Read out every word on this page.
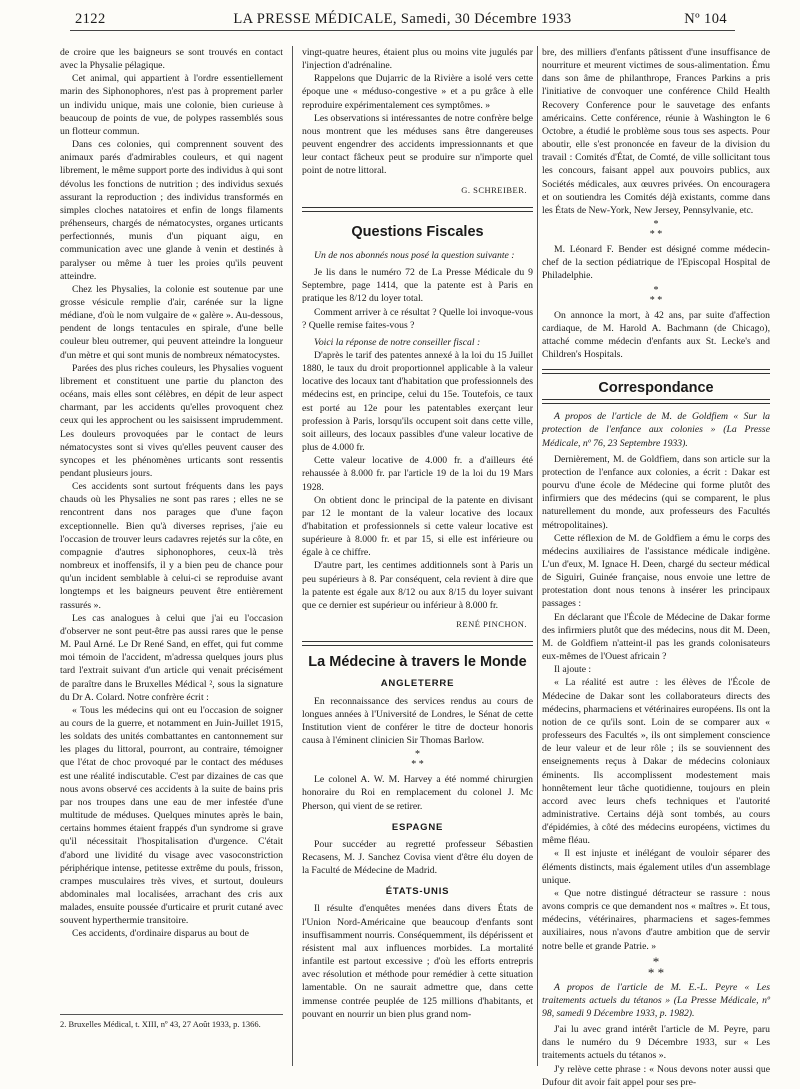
2122	LA PRESSE MÉDICALE, Samedi, 30 Décembre 1933	Nº 104

de croire que les baigneurs se sont trouvés en contact avec la Physalie pélagique.

Cet animal, qui appartient à l'ordre essentiellement marin des Siphonophores, n'est pas à proprement parler un individu unique, mais une colonie, bien curieuse à beaucoup de points de vue, de polypes rassemblés sous un flotteur commun.

Dans ces colonies, qui comprennent souvent des animaux parés d'admirables couleurs, et qui nagent librement, le même support porte des individus à qui sont dévolus les fonctions de nutrition ; des individus sexués assurant la reproduction ; des individus transformés en simples cloches natatoires et enfin de longs filaments préhenseurs, chargés de nématocystes, organes urticants perfectionnés, munis d'un piquant aigu, en communication avec une glande à venin et destinés à paralyser ou même à tuer les proies qu'ils peuvent atteindre.

Chez les Physalies, la colonie est soutenue par une grosse vésicule remplie d'air, carénée sur la ligne médiane, d'où le nom vulgaire de « galère ». Au-dessous, pendent de longs tentacules en spirale, d'une belle couleur bleu outremer, qui peuvent atteindre la longueur d'un mètre et qui sont munis de nombreux nématocystes.

Parées des plus riches couleurs, les Physalies voguent librement et constituent une partie du plancton des océans, mais elles sont célèbres, en dépit de leur aspect charmant, par les accidents qu'elles provoquent chez ceux qui les approchent ou les saisissent imprudemment. Les douleurs provoquées par le contact de leurs nématocystes sont si vives qu'elles peuvent causer des syncopes et les phénomènes urticants sont ressentis pendant plusieurs jours.

Ces accidents sont surtout fréquents dans les pays chauds où les Physalies ne sont pas rares ; elles ne se rencontrent dans nos parages que d'une façon exceptionnelle. Bien qu'à diverses reprises, j'aie eu l'occasion de trouver leurs cadavres rejetés sur la côte, en compagnie d'autres siphonophores, ceux-là très nombreux et inoffensifs, il y a bien peu de chance pour qu'un incident semblable à celui-ci se reproduise avant longtemps et les baigneurs peuvent être entièrement rassurés ».

Les cas analogues à celui que j'ai eu l'occasion d'observer ne sont peut-être pas aussi rares que le pense M. Paul Arné. Le Dr René Sand, en effet, qui fut comme moi témoin de l'accident, m'adressa quelques jours plus tard l'extrait suivant d'un article qui venait précisément de paraître dans le Bruxelles Médical ², sous la signature du Dr A. Colard. Notre confrère écrit :

« Tous les médecins qui ont eu l'occasion de soigner au cours de la guerre, et notamment en Juin-Juillet 1915, les soldats des unités combattantes en cantonnement sur les plages du littoral, pourront, au contraire, témoigner que l'état de choc provoqué par le contact des méduses est une réalité indiscutable. C'est par dizaines de cas que nous avons observé ces accidents à la suite de bains pris par nos troupes dans une eau de mer infestée d'une multitude de méduses. Quelques minutes après le bain, certains hommes étaient frappés d'un syndrome si grave qu'il nécessitait l'hospitalisation d'urgence. C'était d'abord une lividité du visage avec vasoconstriction périphérique intense, petitesse extrême du pouls, frisson, crampes musculaires très vives, et surtout, douleurs abdominales mal localisées, arrachant des cris aux malades, ensuite poussée d'urticaire et prurit cutané avec souvent hyperthermie transitoire.

Ces accidents, d'ordinaire disparus au bout de

2. Bruxelles Médical, t. XIII, nº 43, 27 Août 1933, p. 1366.

vingt-quatre heures, étaient plus ou moins vite jugulés par l'injection d'adrénaline.

Rappelons que Dujarric de la Rivière a isolé vers cette époque une « méduso-congestive » et a pu grâce à elle reproduire expérimentalement ces symptômes. »

Les observations si intéressantes de notre confrère belge nous montrent que les méduses sans être dangereuses peuvent engendrer des accidents impressionnants et que leur contact fâcheux peut se produire sur n'importe quel point de notre littoral.

G. SCHREIBER.
Questions Fiscales

Un de nos abonnés nous posé la question suivante :

Je lis dans le numéro 72 de La Presse Médicale du 9 Septembre, page 1414, que la patente est à Paris en pratique les 8/12 du loyer total.

Comment arriver à ce résultat ? Quelle loi invoque-vous ? Quelle remise faites-vous ?

Voici la réponse de notre conseiller fiscal :

D'après le tarif des patentes annexé à la loi du 15 Juillet 1880, le taux du droit proportionnel applicable à la valeur locative des locaux tant d'habitation que professionnels des médecins est, en principe, celui du 15e. Toutefois, ce taux est porté au 12e pour les patentables exerçant leur profession à Paris, lorsqu'ils occupent soit dans cette ville, soit ailleurs, des locaux passibles d'une valeur locative de plus de 4.000 fr.

Cette valeur locative de 4.000 fr. a d'ailleurs été rehaussée à 8.000 fr. par l'article 19 de la loi du 19 Mars 1928.

On obtient donc le principal de la patente en divisant par 12 le montant de la valeur locative des locaux d'habitation et professionnels si cette valeur locative est supérieure à 8.000 fr. et par 15, si elle est inférieure ou égale à ce chiffre.

D'autre part, les centimes additionnels sont à Paris un peu supérieurs à 8. Par conséquent, cela revient à dire que la patente est égale aux 8/12 ou aux 8/15 du loyer suivant que ce dernier est supérieur ou inférieur à 8.000 fr.

RENÉ PINCHON.
La Médecine à travers le Monde
ANGLETERRE

En reconnaissance des services rendus au cours de longues années à l'Université de Londres, le Sénat de cette Institution vient de conférer le titre de docteur honoris causa à l'éminent clinicien Sir Thomas Barlow.

*
* *

Le colonel A. W. M. Harvey a été nommé chirurgien honoraire du Roi en remplacement du colonel J. Mc Pherson, qui vient de se retirer.

ESPAGNE

Pour succéder au regretté professeur Sébastien Recasens, M. J. Sanchez Covisa vient d'être élu doyen de la Faculté de Médecine de Madrid.

ÉTATS-UNIS

Il résulte d'enquêtes menées dans divers États de l'Union Nord-Américaine que beaucoup d'enfants sont insuffisamment nourris. Conséquemment, ils dépérissent et résistent mal aux influences morbides. La mortalité infantile est partout excessive ; d'où les efforts entrepris avec résolution et méthode pour remédier à cette situation lamentable. On ne saurait admettre que, dans cette immense contrée peuplée de 125 millions d'habitants, et pouvant en nourrir un bien plus grand nom-

bre, des milliers d'enfants pâtissent d'une insuffisance de nourriture et meurent victimes de sous-alimentation. Ému dans son âme de philanthrope, Frances Parkins a pris l'initiative de convoquer une conférence Child Health Recovery Conference pour le sauvetage des enfants américains. Cette conférence, réunie à Washington le 6 Octobre, a étudié le problème sous tous ses aspects. Pour aboutir, elle s'est prononcée en faveur de la division du travail : Comités d'État, de Comté, de ville sollicitant tous les concours, faisant appel aux pouvoirs publics, aux Sociétés médicales, aux œuvres privées. On encouragera et on soutiendra les Comités déjà existants, comme dans les États de New-York, New Jersey, Pennsylvanie, etc.

*
* *

M. Léonard F. Bender est désigné comme médecin-chef de la section pédiatrique de l'Episcopal Hospital de Philadelphie.

*
* *

On annonce la mort, à 42 ans, par suite d'affection cardiaque, de M. Harold A. Bachmann (de Chicago), attaché comme médecin d'enfants aux St. Lecke's and Children's Hospitals.

Correspondance

A propos de l'article de M. de Goldfiem « Sur la protection de l'enfance aux colonies » (La Presse Médicale, nº 76, 23 Septembre 1933).

Dernièrement, M. de Goldfiem, dans son article sur la protection de l'enfance aux colonies, a écrit : Dakar est pourvu d'une école de Médecine qui forme plutôt des infirmiers que des médecins (qui se comparent, le plus naturellement du monde, aux professeurs des Facultés métropolitaines).

Cette réflexion de M. de Goldfiem a ému le corps des médecins auxiliaires de l'assistance médicale indigène. L'un d'eux, M. Ignace H. Deen, chargé du secteur médical de Siguiri, Guinée française, nous envoie une lettre de protestation dont nous tenons à insérer les principaux passages :

En déclarant que l'École de Médecine de Dakar forme des infirmiers plutôt que des médecins, nous dit M. Deen, M. de Goldfiem n'atteint-il pas les grands colonisateurs eux-mêmes de l'Ouest africain ?

Il ajoute :

« La réalité est autre : les élèves de l'École de Médecine de Dakar sont les collaborateurs directs des médecins, pharmaciens et vétérinaires européens. Ils ont la notion de ce qu'ils sont. Loin de se comparer aux « professeurs des Facultés », ils ont simplement conscience de leur valeur et de leur rôle ; ils se souviennent des enseignements reçus à Dakar de médecins coloniaux éminents. Ils accomplissent modestement mais honnêtement leur tâche quotidienne, toujours en plein accord avec leurs chefs techniques et l'autorité administrative. Certains déjà sont tombés, au cours d'épidémies, à côté des médecins européens, victimes du même fléau.

« Il est injuste et inélégant de vouloir séparer des éléments distincts, mais également utiles d'un assemblage unique.

« Que notre distingué détracteur se rassure : nous avons compris ce que demandent nos « maîtres ». Et tous, médecins, vétérinaires, pharmaciens et sages-femmes auxiliaires, nous n'avons d'autre ambition que de servir notre belle et grande Patrie. »

*
* *

A propos de l'article de M. E.-L. Peyre « Les traitements actuels du tétanos » (La Presse Médicale, nº 98, samedi 9 Décembre 1933, p. 1982).

J'ai lu avec grand intérêt l'article de M. Peyre, paru dans le numéro du 9 Décembre 1933, sur « Les traitements actuels du tétanos ».

J'y relève cette phrase : « Nous devons noter aussi que Dufour dit avoir fait appel pour ses pre-
